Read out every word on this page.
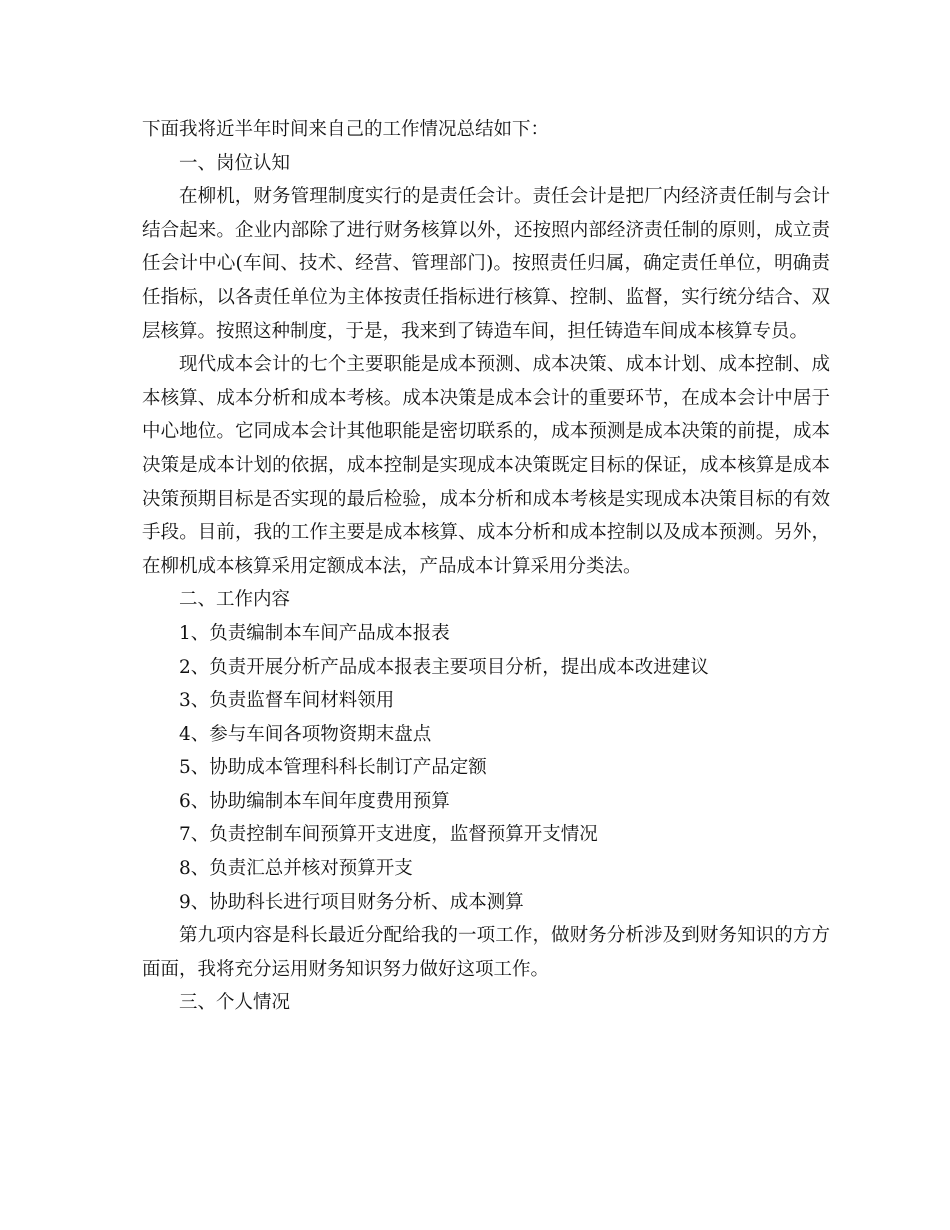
下面我将近半年时间来自己的工作情况总结如下：

一、岗位认知

在柳机，财务管理制度实行的是责任会计。责任会计是把厂内经济责任制与会计结合起来。企业内部除了进行财务核算以外，还按照内部经济责任制的原则，成立责任会计中心(车间、技术、经营、管理部门)。按照责任归属，确定责任单位，明确责任指标，以各责任单位为主体按责任指标进行核算、控制、监督，实行统分结合、双层核算。按照这种制度，于是，我来到了铸造车间，担任铸造车间成本核算专员。

现代成本会计的七个主要职能是成本预测、成本决策、成本计划、成本控制、成本核算、成本分析和成本考核。成本决策是成本会计的重要环节，在成本会计中居于中心地位。它同成本会计其他职能是密切联系的，成本预测是成本决策的前提，成本决策是成本计划的依据，成本控制是实现成本决策既定目标的保证，成本核算是成本决策预期目标是否实现的最后检验，成本分析和成本考核是实现成本决策目标的有效手段。目前，我的工作主要是成本核算、成本分析和成本控制以及成本预测。另外，在柳机成本核算采用定额成本法，产品成本计算采用分类法。

二、工作内容

1、负责编制本车间产品成本报表

2、负责开展分析产品成本报表主要项目分析，提出成本改进建议

3、负责监督车间材料领用

4、参与车间各项物资期末盘点

5、协助成本管理科科长制订产品定额

6、协助编制本车间年度费用预算

7、负责控制车间预算开支进度，监督预算开支情况

8、负责汇总并核对预算开支

9、协助科长进行项目财务分析、成本测算

第九项内容是科长最近分配给我的一项工作，做财务分析涉及到财务知识的方方面面，我将充分运用财务知识努力做好这项工作。

三、个人情况
